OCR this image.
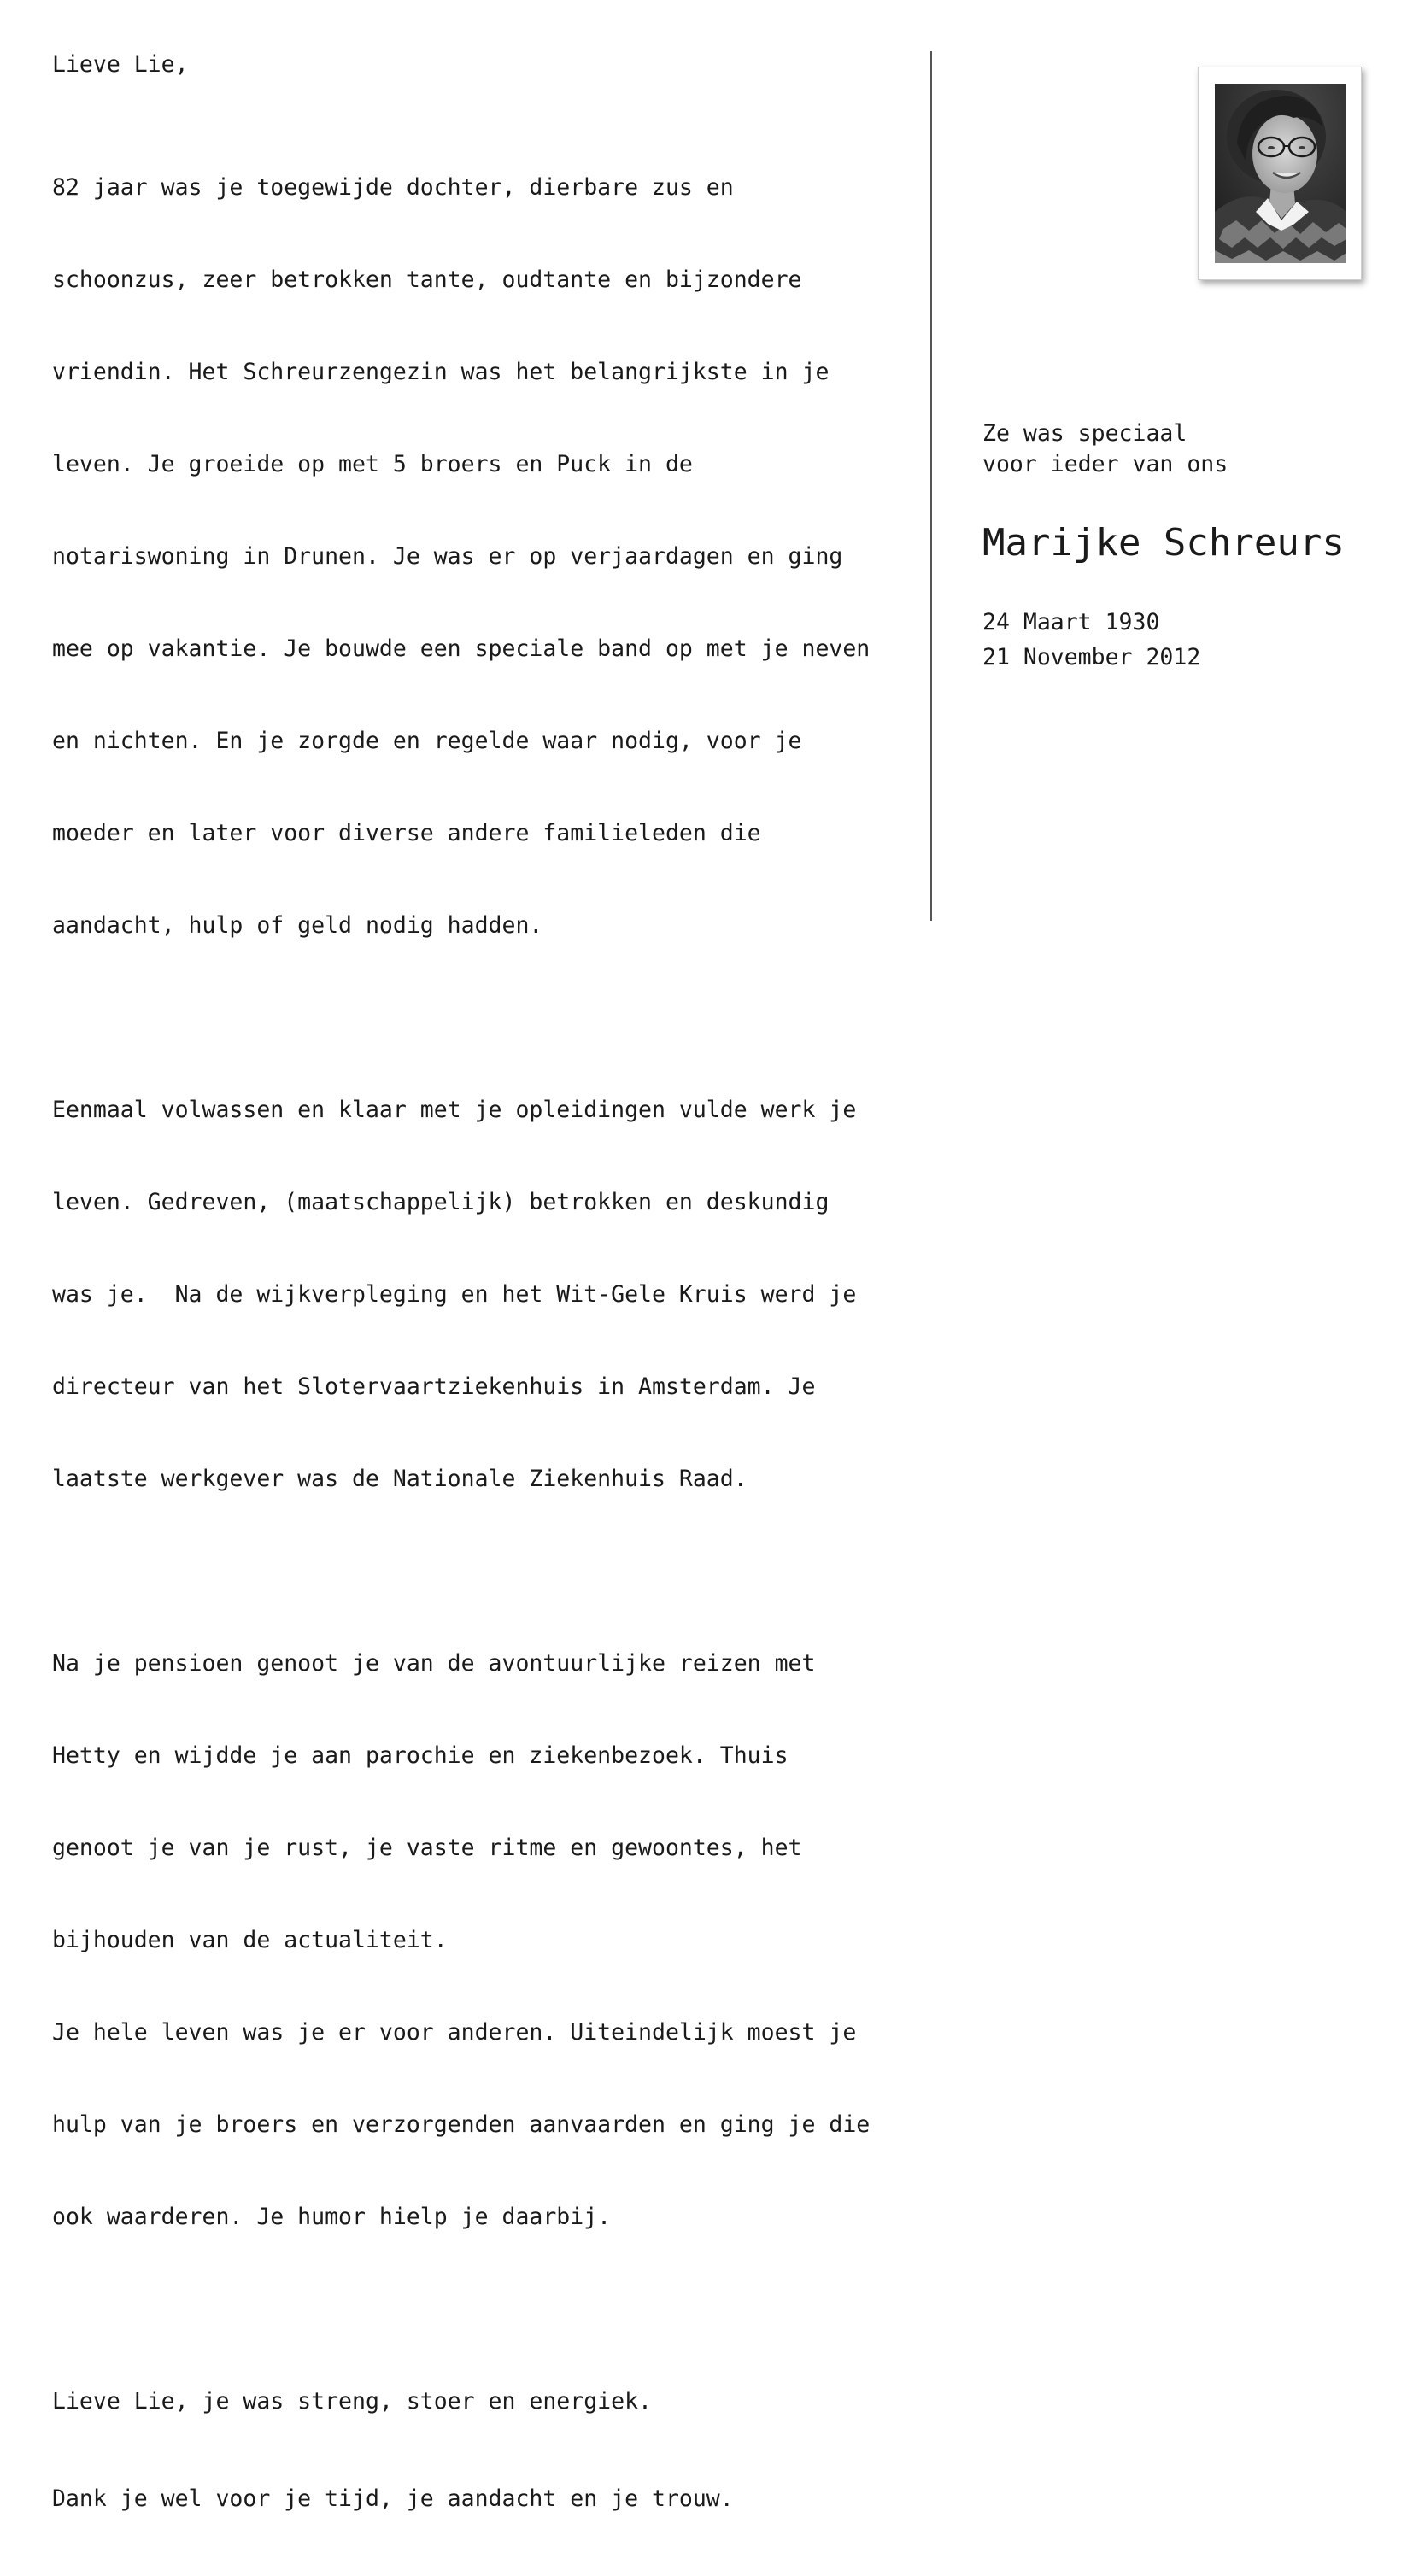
Lieve Lie,

82 jaar was je toegewijde dochter, dierbare zus en

schoonzus, zeer betrokken tante, oudtante en bijzondere

vriendin. Het Schreurzengezin was het belangrijkste in je

leven. Je groeide op met 5 broers en Puck in de

notariswoning in Drunen. Je was er op verjaardagen en ging

mee op vakantie. Je bouwde een speciale band op met je neven

en nichten. En je zorgde en regelde waar nodig, voor je

moeder en later voor diverse andere familieleden die

aandacht, hulp of geld nodig hadden.

Eenmaal volwassen en klaar met je opleidingen vulde werk je

leven. Gedreven, (maatschappelijk) betrokken en deskundig

was je.  Na de wijkverpleging en het Wit-Gele Kruis werd je

directeur van het Slotervaartziekenhuis in Amsterdam. Je

laatste werkgever was de Nationale Ziekenhuis Raad.

Na je pensioen genoot je van de avontuurlijke reizen met

Hetty en wijdde je aan parochie en ziekenbezoek. Thuis

genoot je van je rust, je vaste ritme en gewoontes, het

bijhouden van de actualiteit.

Je hele leven was je er voor anderen. Uiteindelijk moest je

hulp van je broers en verzorgenden aanvaarden en ging je die

ook waarderen. Je humor hielp je daarbij.

Lieve Lie, je was streng, stoer en energiek.

Dank je wel voor je tijd, je aandacht en je trouw.

Ze was speciaal
voor ieder van ons
Marijke Schreurs
24 Maart 1930
21 November 2012
